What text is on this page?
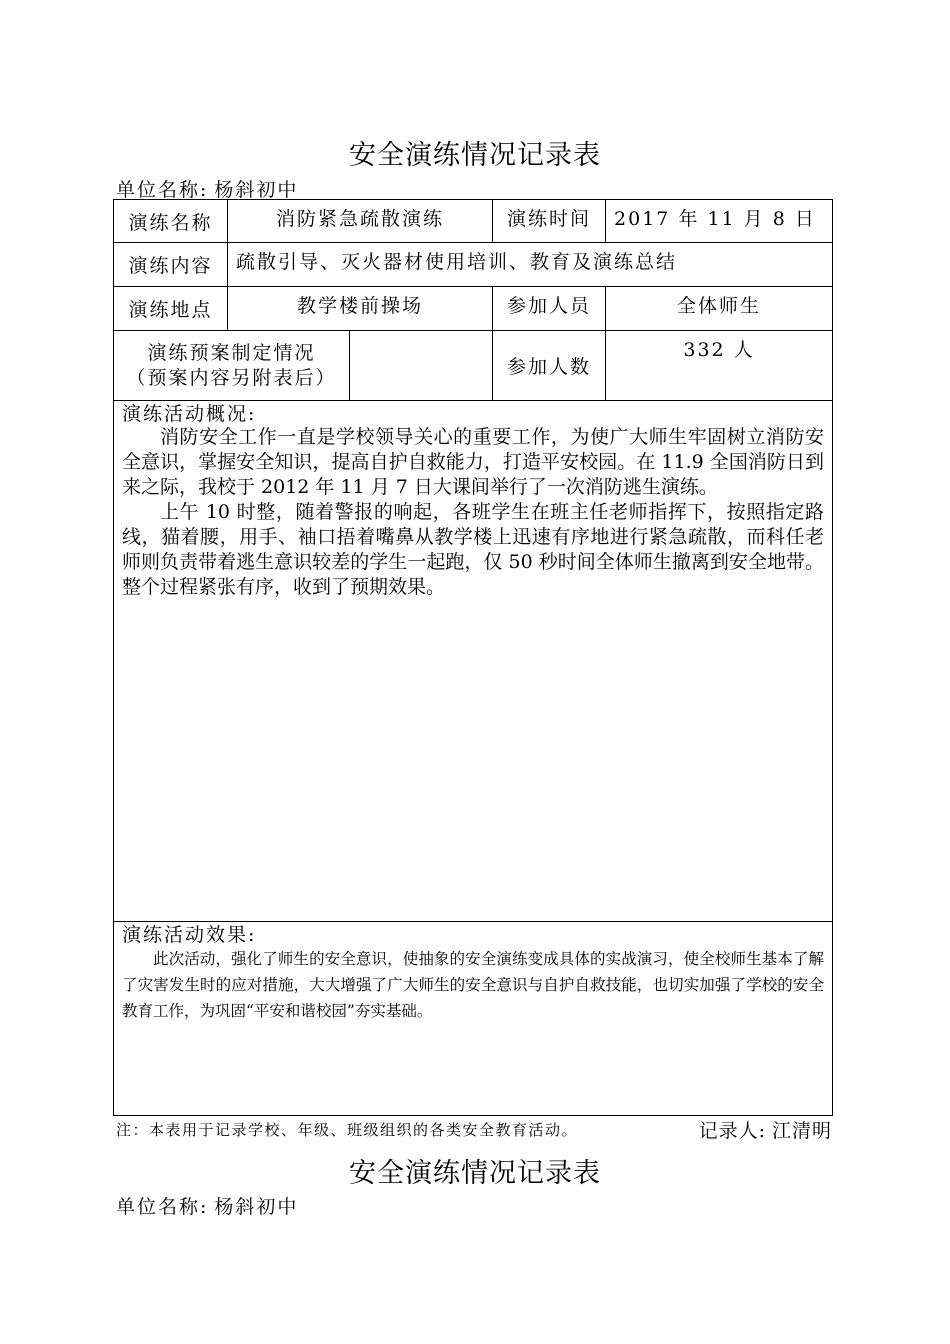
安全演练情况记录表
单位名称: 杨斜初中
演练名称	消防紧急疏散演练		演练时间	2017 年 11 月 8 日
演练内容	疏散引导、灭火器材使用培训、教育及演练总结			
演练地点	教学楼前操场		参加人员	全体师生

演练预案制定情况
（预案内容另附表后）			参加人数	332 人

演练活动概况:

消防安全工作一直是学校领导关心的重要工作，为使广大师生牢固树立消防安全意识，掌握安全知识，提高自护自救能力，打造平安校园。在 11.9 全国消防日到来之际，我校于 2012 年 11 月 7 日大课间举行了一次消防逃生演练。

上午 10 时整，随着警报的响起，各班学生在班主任老师指挥下，按照指定路线，猫着腰，用手、袖口捂着嘴鼻从教学楼上迅速有序地进行紧急疏散，而科任老师则负责带着逃生意识较差的学生一起跑，仅 50 秒时间全体师生撤离到安全地带。整个过程紧张有序，收到了预期效果。				

演练活动效果:

此次活动，强化了师生的安全意识，使抽象的安全演练变成具体的实战演习，使全校师生基本了解了灾害发生时的应对措施，大大增强了广大师生的安全意识与自护自救技能，也切实加强了学校的安全教育工作，为巩固“平安和谐校园”夯实基础。				

注：本表用于记录学校、年级、班级组织的各类安全教育活动。	记录人: 江清明
安全演练情况记录表
单位名称: 杨斜初中
